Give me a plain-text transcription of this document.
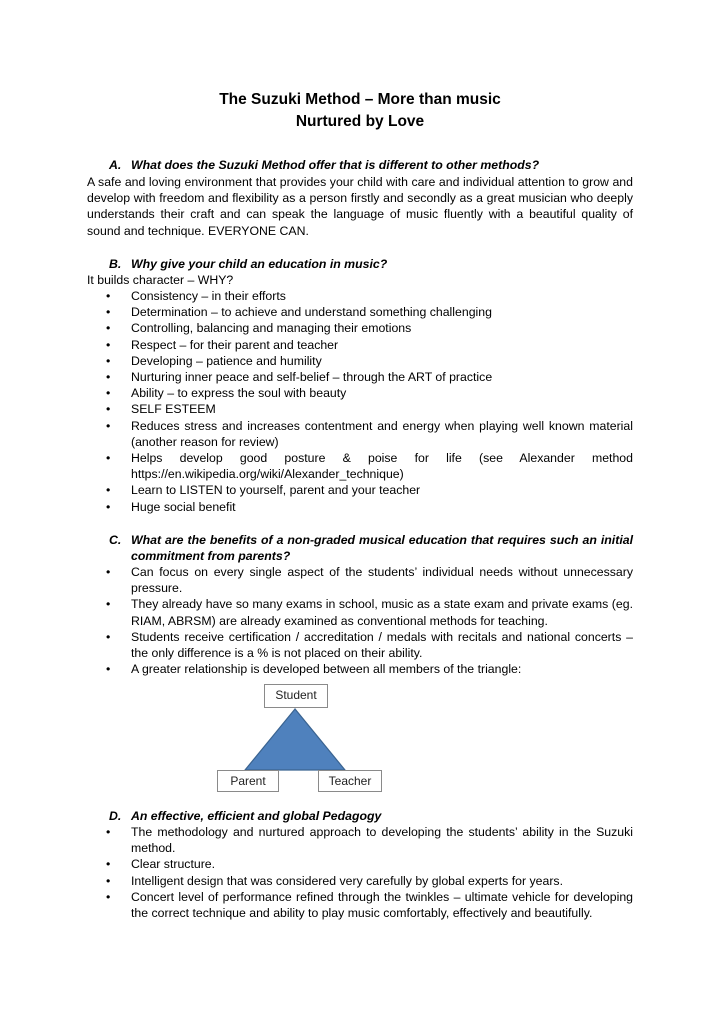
The Suzuki Method – More than music
Nurtured by Love
A. What does the Suzuki Method offer that is different to other methods?
A safe and loving environment that provides your child with care and individual attention to grow and develop with freedom and flexibility as a person firstly and secondly as a great musician who deeply understands their craft and can speak the language of music fluently with a beautiful quality of sound and technique. EVERYONE CAN.
B. Why give your child an education in music?
It builds character – WHY?
• Consistency – in their efforts
• Determination – to achieve and understand something challenging
• Controlling, balancing and managing their emotions
• Respect – for their parent and teacher
• Developing – patience and humility
• Nurturing inner peace and self-belief – through the ART of practice
• Ability – to express the soul with beauty
• SELF ESTEEM
• Reduces stress and increases contentment and energy when playing well known material (another reason for review)
• Helps develop good posture & poise for life (see Alexander method https://en.wikipedia.org/wiki/Alexander_technique)
• Learn to LISTEN to yourself, parent and your teacher
• Huge social benefit
C. What are the benefits of a non-graded musical education that requires such an initial commitment from parents?
• Can focus on every single aspect of the students’ individual needs without unnecessary pressure.
• They already have so many exams in school, music as a state exam and private exams (eg. RIAM, ABRSM) are already examined as conventional methods for teaching.
• Students receive certification / accreditation / medals with recitals and national concerts – the only difference is a % is not placed on their ability.
• A greater relationship is developed between all members of the triangle:
Student
Parent	Teacher
D. An effective, efficient and global Pedagogy
• The methodology and nurtured approach to developing the students’ ability in the Suzuki method.
• Clear structure.
• Intelligent design that was considered very carefully by global experts for years.
• Concert level of performance refined through the twinkles – ultimate vehicle for developing the correct technique and ability to play music comfortably, effectively and beautifully.
